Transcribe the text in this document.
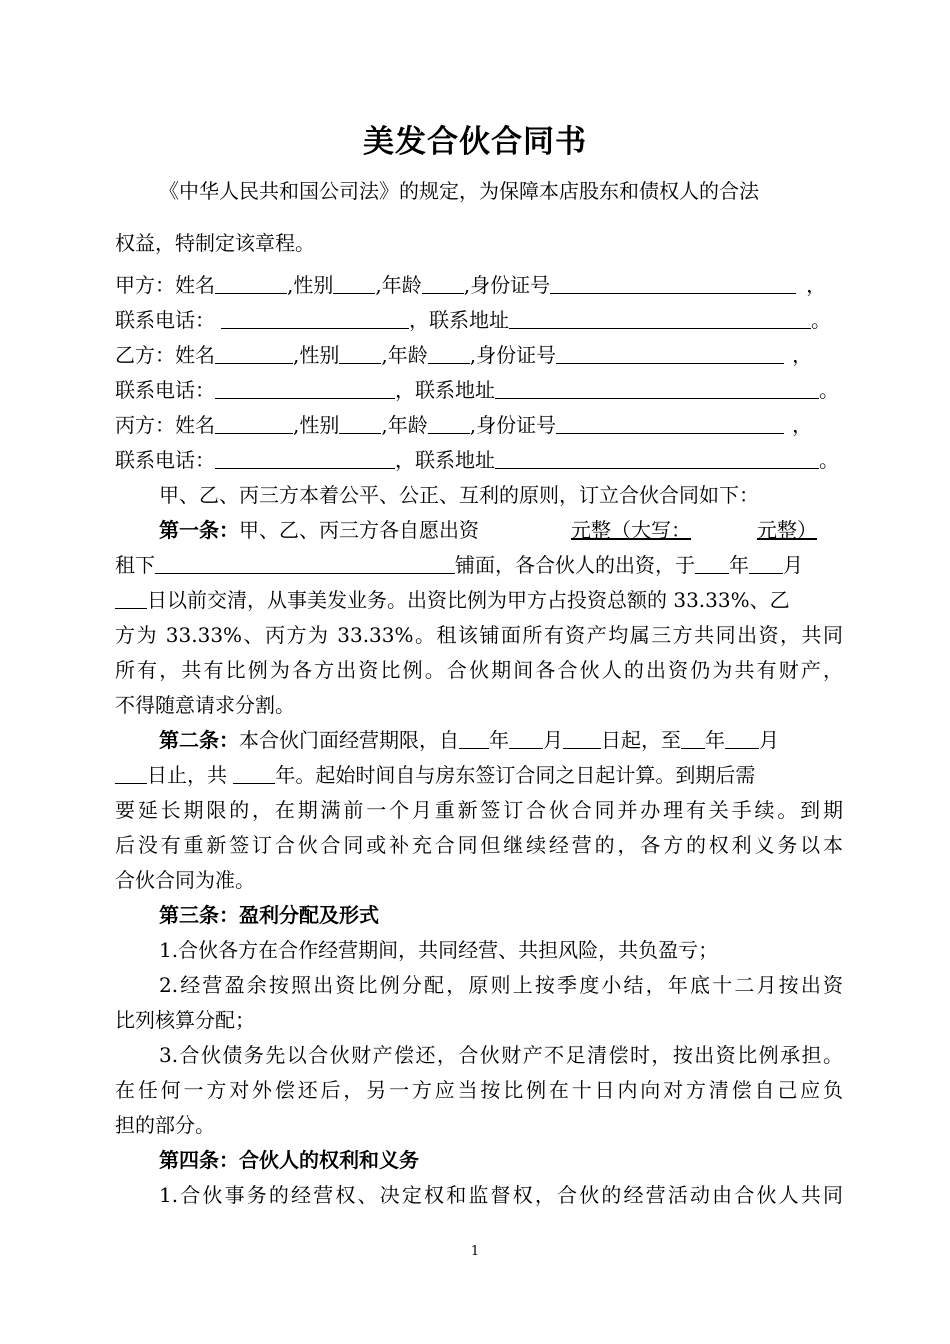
美发合伙合同书
《中华人民共和国公司法》的规定，为保障本店股东和债权人的合法
权益，特制定该章程。
甲方：姓名	,性别 ,年龄 ,身份证号	，
联系电话：	，联系地址	。
乙方：姓名	,性别 ,年龄 ,身份证号	，
联系电话：	，联系地址	。
丙方：姓名	,性别 ,年龄 ,身份证号	，
联系电话：	，联系地址	。
甲、乙、丙三方本着公平、公正、互利的原则，订立合伙合同如下：
第一条：甲、乙、丙三方各自愿出资	元整（大写：	元整）
租下	铺面，各合伙人的出资，于 年 月
日以前交清，从事美发业务。出资比例为甲方占投资总额的 33.33%、乙
方为 33.33%、丙方为 33.33%。租该铺面所有资产均属三方共同出资，共同
所有，共有比例为各方出资比例。合伙期间各合伙人的出资仍为共有财产，
不得随意请求分割。
第二条：本合伙门面经营期限，自 年 月 日起，至 年 月
日止，共 年。起始时间自与房东签订合同之日起计算。到期后需
要延长期限的，在期满前一个月重新签订合伙合同并办理有关手续。到期
后没有重新签订合伙合同或补充合同但继续经营的，各方的权利义务以本
合伙合同为准。
第三条：盈利分配及形式
1.合伙各方在合作经营期间，共同经营、共担风险，共负盈亏；
2.经营盈余按照出资比例分配，原则上按季度小结，年底十二月按出资
比列核算分配；
3.合伙债务先以合伙财产偿还，合伙财产不足清偿时，按出资比例承担。
在任何一方对外偿还后，另一方应当按比例在十日内向对方清偿自己应负
担的部分。
第四条：合伙人的权利和义务
1.合伙事务的经营权、决定权和监督权，合伙的经营活动由合伙人共同
1
